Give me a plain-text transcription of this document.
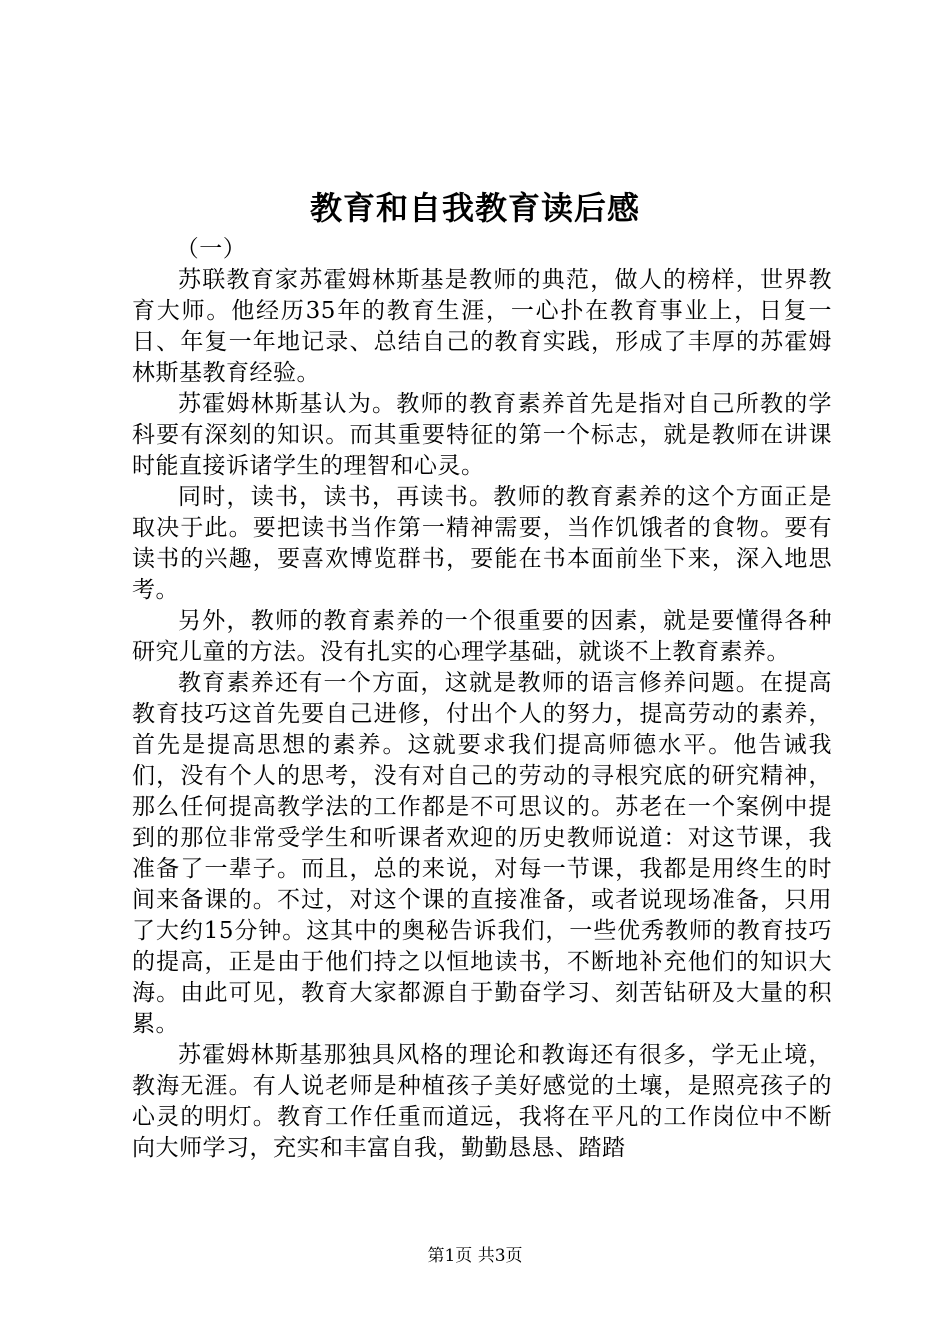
教育和自我教育读后感

（一）

苏联教育家苏霍姆林斯基是教师的典范，做人的榜样，世界教育大师。他经历35年的教育生涯，一心扑在教育事业上，日复一日、年复一年地记录、总结自己的教育实践，形成了丰厚的苏霍姆林斯基教育经验。

苏霍姆林斯基认为。教师的教育素养首先是指对自己所教的学科要有深刻的知识。而其重要特征的第一个标志，就是教师在讲课时能直接诉诸学生的理智和心灵。

同时，读书，读书，再读书。教师的教育素养的这个方面正是取决于此。要把读书当作第一精神需要，当作饥饿者的食物。要有读书的兴趣，要喜欢博览群书，要能在书本面前坐下来，深入地思考。

另外，教师的教育素养的一个很重要的因素，就是要懂得各种研究儿童的方法。没有扎实的心理学基础，就谈不上教育素养。

教育素养还有一个方面，这就是教师的语言修养问题。在提高教育技巧这首先要自己进修，付出个人的努力，提高劳动的素养，首先是提高思想的素养。这就要求我们提高师德水平。他告诫我们，没有个人的思考，没有对自己的劳动的寻根究底的研究精神，那么任何提高教学法的工作都是不可思议的。苏老在一个案例中提到的那位非常受学生和听课者欢迎的历史教师说道：对这节课，我准备了一辈子。而且，总的来说，对每一节课，我都是用终生的时间来备课的。不过，对这个课的直接准备，或者说现场准备，只用了大约15分钟。这其中的奥秘告诉我们，一些优秀教师的教育技巧的提高，正是由于他们持之以恒地读书，不断地补充他们的知识大海。由此可见，教育大家都源自于勤奋学习、刻苦钻研及大量的积累。

苏霍姆林斯基那独具风格的理论和教诲还有很多，学无止境，教海无涯。有人说老师是种植孩子美好感觉的土壤，是照亮孩子的心灵的明灯。教育工作任重而道远，我将在平凡的工作岗位中不断向大师学习，充实和丰富自我，勤勤恳恳、踏踏

第1页 共3页
